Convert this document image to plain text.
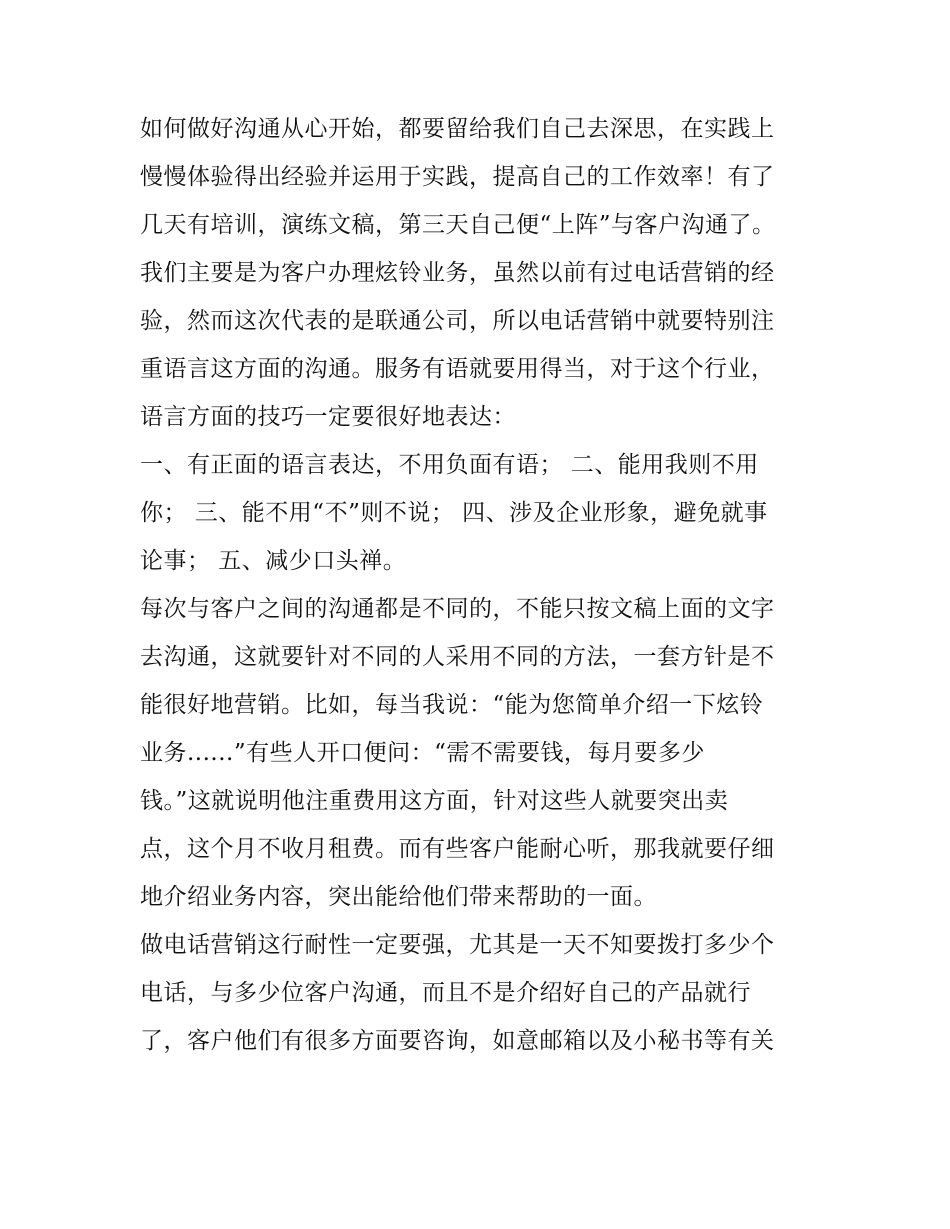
如何做好沟通从心开始，都要留给我们自己去深思，在实践上
慢慢体验得出经验并运用于实践，提高自己的工作效率！有了
几天有培训，演练文稿，第三天自己便“上阵”与客户沟通了。
我们主要是为客户办理炫铃业务，虽然以前有过电话营销的经
验，然而这次代表的是联通公司，所以电话营销中就要特别注
重语言这方面的沟通。服务有语就要用得当，对于这个行业，
语言方面的技巧一定要很好地表达：
一、有正面的语言表达，不用负面有语； 二、能用我则不用
你； 三、能不用“不”则不说； 四、涉及企业形象，避免就事
论事； 五、减少口头禅。
每次与客户之间的沟通都是不同的，不能只按文稿上面的文字
去沟通，这就要针对不同的人采用不同的方法，一套方针是不
能很好地营销。比如，每当我说：“能为您简单介绍一下炫铃
业务......”有些人开口便问：“需不需要钱，每月要多少
钱。”这就说明他注重费用这方面，针对这些人就要突出卖
点，这个月不收月租费。而有些客户能耐心听，那我就要仔细
地介绍业务内容，突出能给他们带来帮助的一面。
做电话营销这行耐性一定要强，尤其是一天不知要拨打多少个
电话，与多少位客户沟通，而且不是介绍好自己的产品就行
了，客户他们有很多方面要咨询，如意邮箱以及小秘书等有关
